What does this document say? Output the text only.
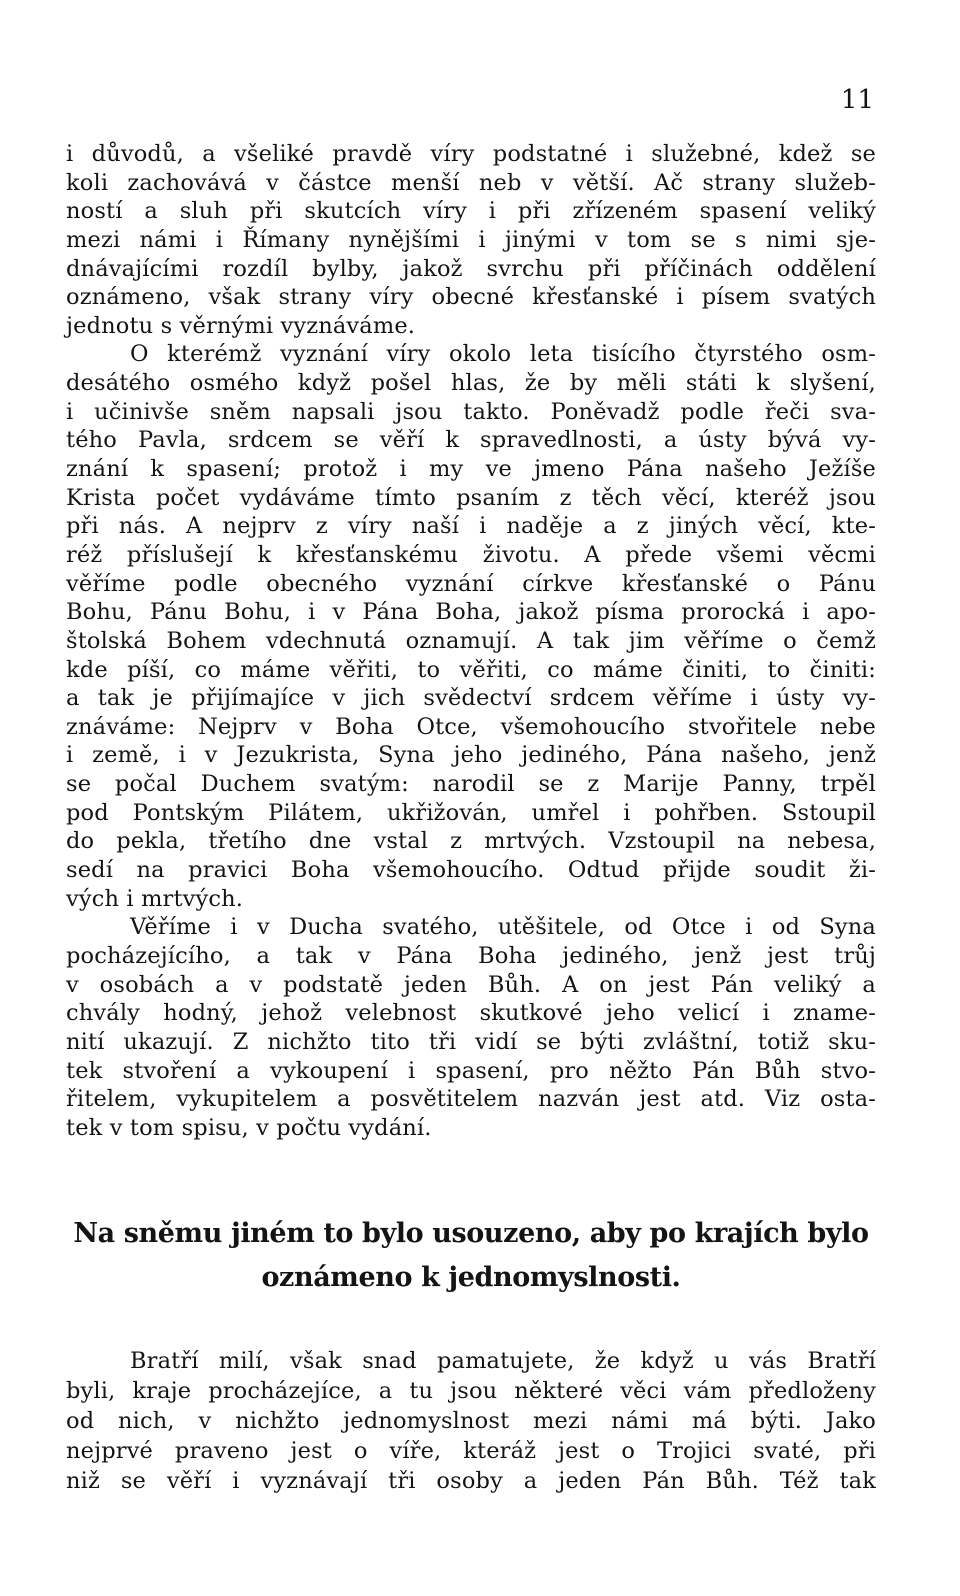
11
i důvodů, a všeliké pravdě víry podstatné i služebné, kdež se
koli zachovává v částce menší neb v větší. Ač strany služeb-
ností a sluh při skutcích víry i při zřízeném spasení veliký
mezi námi i Římany nynějšími i jinými v tom se s nimi sje-
dnávajícími rozdíl bylby, jakož svrchu při příčinách oddělení
oznámeno, však strany víry obecné křesťanské i písem svatých
jednotu s věrnými vyznáváme.
O kterémž vyznání víry okolo leta tisícího čtyrstého osm-
desátého osmého když pošel hlas, že by měli státi k slyšení,
i učinivše sněm napsali jsou takto. Poněvadž podle řeči sva-
tého Pavla, srdcem se věří k spravedlnosti, a ústy bývá vy-
znání k spasení; protož i my ve jmeno Pána našeho Ježíše
Krista počet vydáváme tímto psaním z těch věcí, kteréž jsou
při nás. A nejprv z víry naší i naděje a z jiných věcí, kte-
réž příslušejí k křesťanskému životu. A přede všemi věcmi
věříme podle obecného vyznání církve křesťanské o Pánu
Bohu, Pánu Bohu, i v Pána Boha, jakož písma prorocká i apo-
štolská Bohem vdechnutá oznamují. A tak jim věříme o čemž
kde píší, co máme věřiti, to věřiti, co máme činiti, to činiti:
a tak je přijímajíce v jich svědectví srdcem věříme i ústy vy-
znáváme: Nejprv v Boha Otce, všemohoucího stvořitele nebe
i země, i v Jezukrista, Syna jeho jediného, Pána našeho, jenž
se počal Duchem svatým: narodil se z Marije Panny, trpěl
pod Pontským Pilátem, ukřižován, umřel i pohřben. Sstoupil
do pekla, třetího dne vstal z mrtvých. Vzstoupil na nebesa,
sedí na pravici Boha všemohoucího. Odtud přijde soudit ži-
vých i mrtvých.
Věříme i v Ducha svatého, utěšitele, od Otce i od Syna
pocházejícího, a tak v Pána Boha jediného, jenž jest trůj
v osobách a v podstatě jeden Bůh. A on jest Pán veliký a
chvály hodný, jehož velebnost skutkové jeho velicí i zname-
nití ukazují. Z nichžto tito tři vidí se býti zvláštní, totiž sku-
tek stvoření a vykoupení i spasení, pro něžto Pán Bůh stvo-
řitelem, vykupitelem a posvětitelem nazván jest atd. Viz osta-
tek v tom spisu, v počtu vydání.
Na sněmu jiném to bylo usouzeno, aby po krajích bylo
oznámeno k jednomyslnosti.
Bratří milí, však snad pamatujete, že když u vás Bratří
byli, kraje procházejíce, a tu jsou některé věci vám předloženy
od nich, v nichžto jednomyslnost mezi námi má býti. Jako
nejprvé praveno jest o víře, kteráž jest o Trojici svaté, při
niž se věří i vyznávají tři osoby a jeden Pán Bůh. Též tak
